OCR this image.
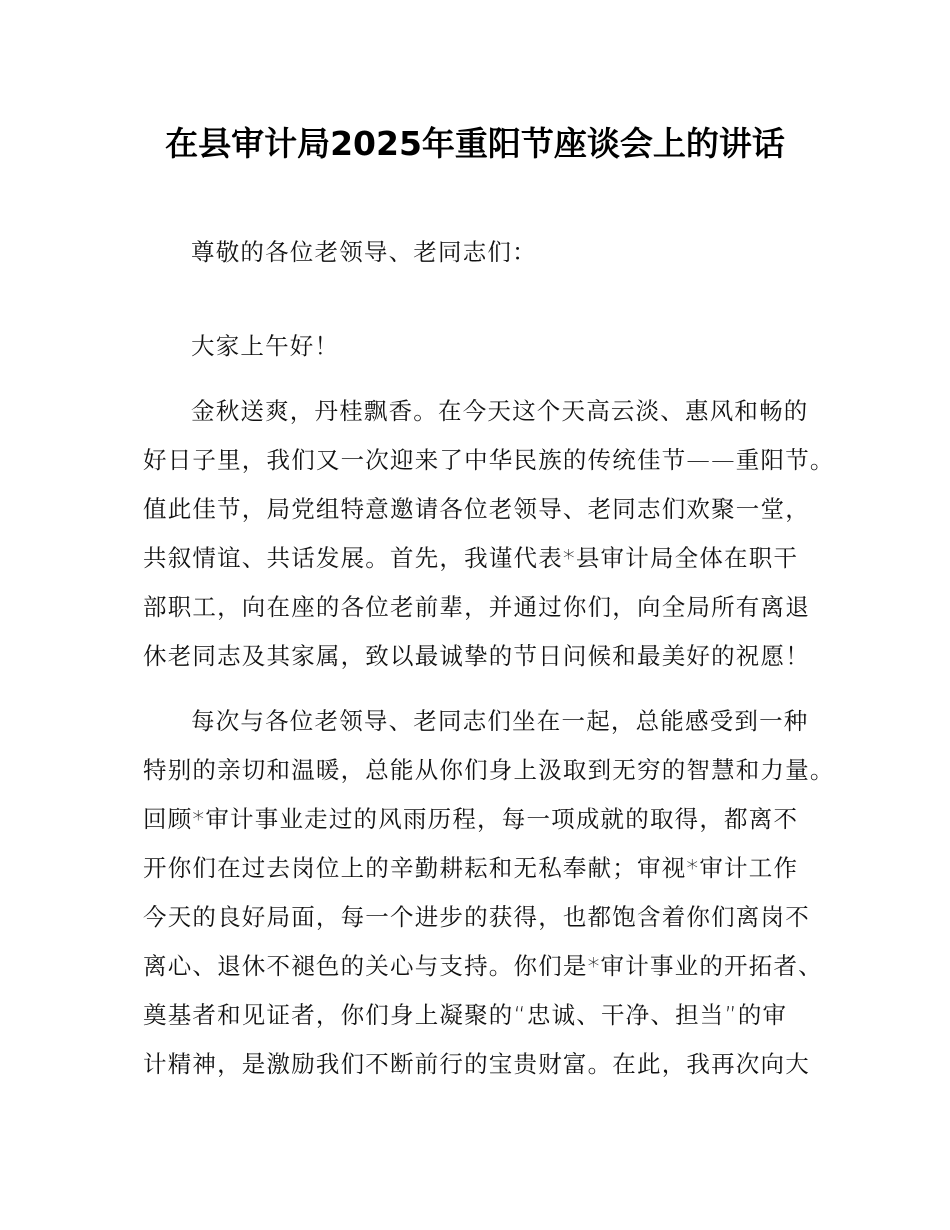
在县审计局2025年重阳节座谈会上的讲话
尊敬的各位老领导、老同志们：
大家上午好！
金秋送爽，丹桂飘香。在今天这个天高云淡、惠风和畅的
好日子里，我们又一次迎来了中华民族的传统佳节——重阳节。
值此佳节，局党组特意邀请各位老领导、老同志们欢聚一堂，
共叙情谊、共话发展。首先，我谨代表*县审计局全体在职干
部职工，向在座的各位老前辈，并通过你们，向全局所有离退
休老同志及其家属，致以最诚挚的节日问候和最美好的祝愿！
每次与各位老领导、老同志们坐在一起，总能感受到一种
特别的亲切和温暖，总能从你们身上汲取到无穷的智慧和力量。
回顾*审计事业走过的风雨历程，每一项成就的取得，都离不
开你们在过去岗位上的辛勤耕耘和无私奉献；审视*审计工作
今天的良好局面，每一个进步的获得，也都饱含着你们离岗不
离心、退休不褪色的关心与支持。你们是*审计事业的开拓者、
奠基者和见证者，你们身上凝聚的“忠诚、干净、担当”的审
计精神，是激励我们不断前行的宝贵财富。在此，我再次向大
